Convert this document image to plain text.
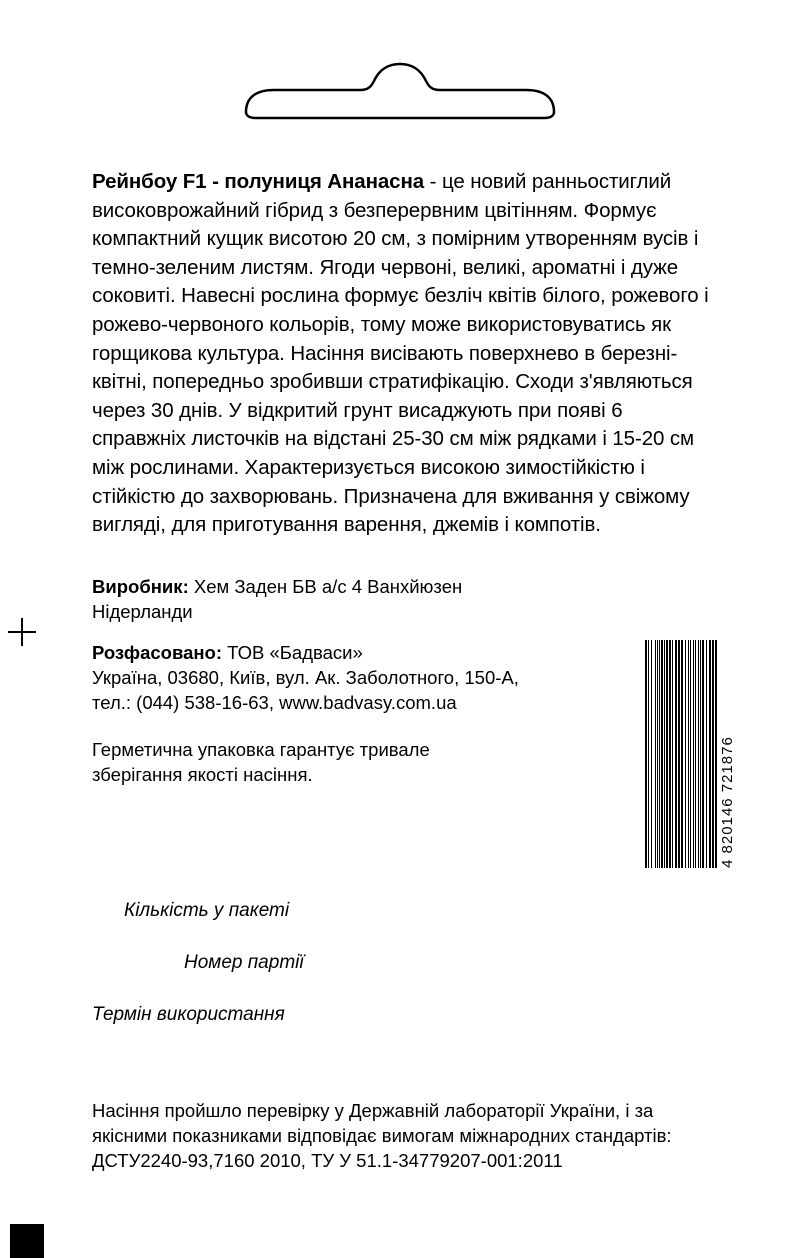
Рейнбоу F1 - полуниця Ананасна - це новий ранньостиглий високоврожайний гібрид з безперервним цвітінням. Формує компактний кущик висотою 20 см, з помірним утворенням вусів і темно-зеленим листям. Ягоди червоні, великі, ароматні і дуже соковиті. Навесні рослина формує безліч квітів білого, рожевого і рожево-червоного кольорів, тому може використовуватись як горщикова культура. Насіння висівають поверхнево в березні-квітні, попередньо зробивши стратифікацію. Сходи з'являються через 30 днів. У відкритий грунт висаджують при появі 6 справжніх листочків на відстані 25-30 см між рядками і 15-20 см між рослинами. Характеризується високою зимостійкістю і стійкістю до захворювань. Призначена для вживання у свіжому вигляді, для приготування варення, джемів і компотів.

Виробник: Хем Заден БВ а/с 4 Ванхйюзен
Нідерланди
Розфасовано: ТОВ «Бадваси»
Україна, 03680, Київ, вул. Ак. Заболотного, 150-А,
тел.: (044) 538-16-63, www.badvasy.com.ua
Герметична упаковка гарантує тривале
зберігання якості насіння.	4 820146 721876
Кількість у пакеті
Номер партії
Термін використання
Насіння пройшло перевірку у Державній лабораторії України, і за
якісними показниками відповідає вимогам міжнародних стандартів:
ДСТУ2240-93,7160 2010, ТУ У 51.1-34779207-001:2011
